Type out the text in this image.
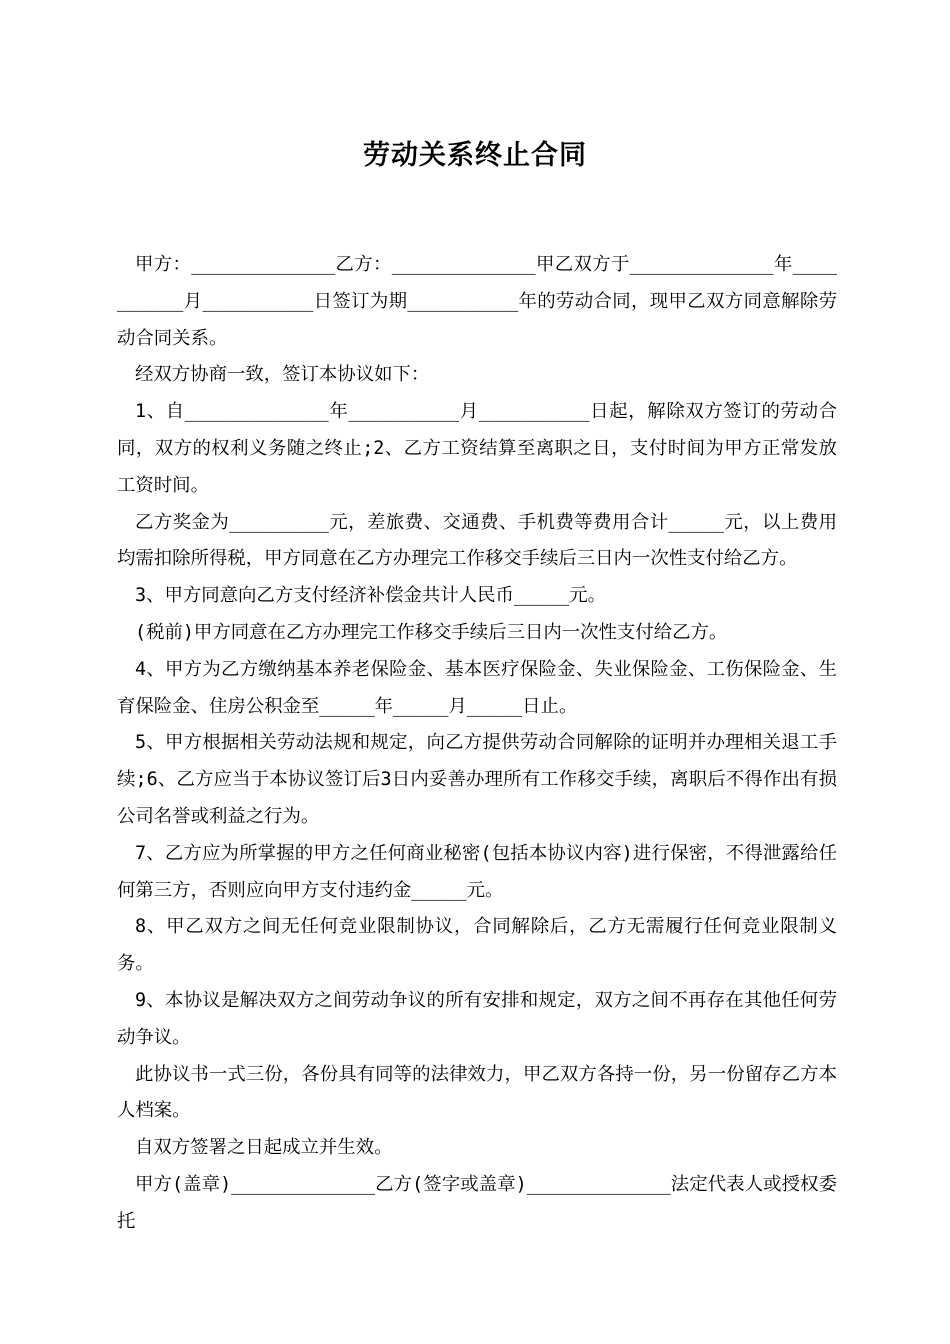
劳动关系终止合同

甲方：_____________乙方：_____________甲乙双方于_____________年__________月__________日签订为期__________年的劳动合同，现甲乙双方同意解除劳动合同关系。

经双方协商一致，签订本协议如下：

1、自_____________年__________月__________日起，解除双方签订的劳动合同，双方的权利义务随之终止;2、乙方工资结算至离职之日，支付时间为甲方正常发放工资时间。

乙方奖金为_________元，差旅费、交通费、手机费等费用合计_____元，以上费用均需扣除所得税，甲方同意在乙方办理完工作移交手续后三日内一次性支付给乙方。

3、甲方同意向乙方支付经济补偿金共计人民币_____元。

(税前)甲方同意在乙方办理完工作移交手续后三日内一次性支付给乙方。

4、甲方为乙方缴纳基本养老保险金、基本医疗保险金、失业保险金、工伤保险金、生育保险金、住房公积金至_____年_____月_____日止。

5、甲方根据相关劳动法规和规定，向乙方提供劳动合同解除的证明并办理相关退工手续;6、乙方应当于本协议签订后3日内妥善办理所有工作移交手续，离职后不得作出有损公司名誉或利益之行为。

7、乙方应为所掌握的甲方之任何商业秘密(包括本协议内容)进行保密，不得泄露给任何第三方，否则应向甲方支付违约金_____元。

8、甲乙双方之间无任何竞业限制协议，合同解除后，乙方无需履行任何竞业限制义务。

9、本协议是解决双方之间劳动争议的所有安排和规定，双方之间不再存在其他任何劳动争议。

此协议书一式三份，各份具有同等的法律效力，甲乙双方各持一份，另一份留存乙方本人档案。

自双方签署之日起成立并生效。

甲方(盖章)_____________乙方(签字或盖章)_____________法定代表人或授权委托
